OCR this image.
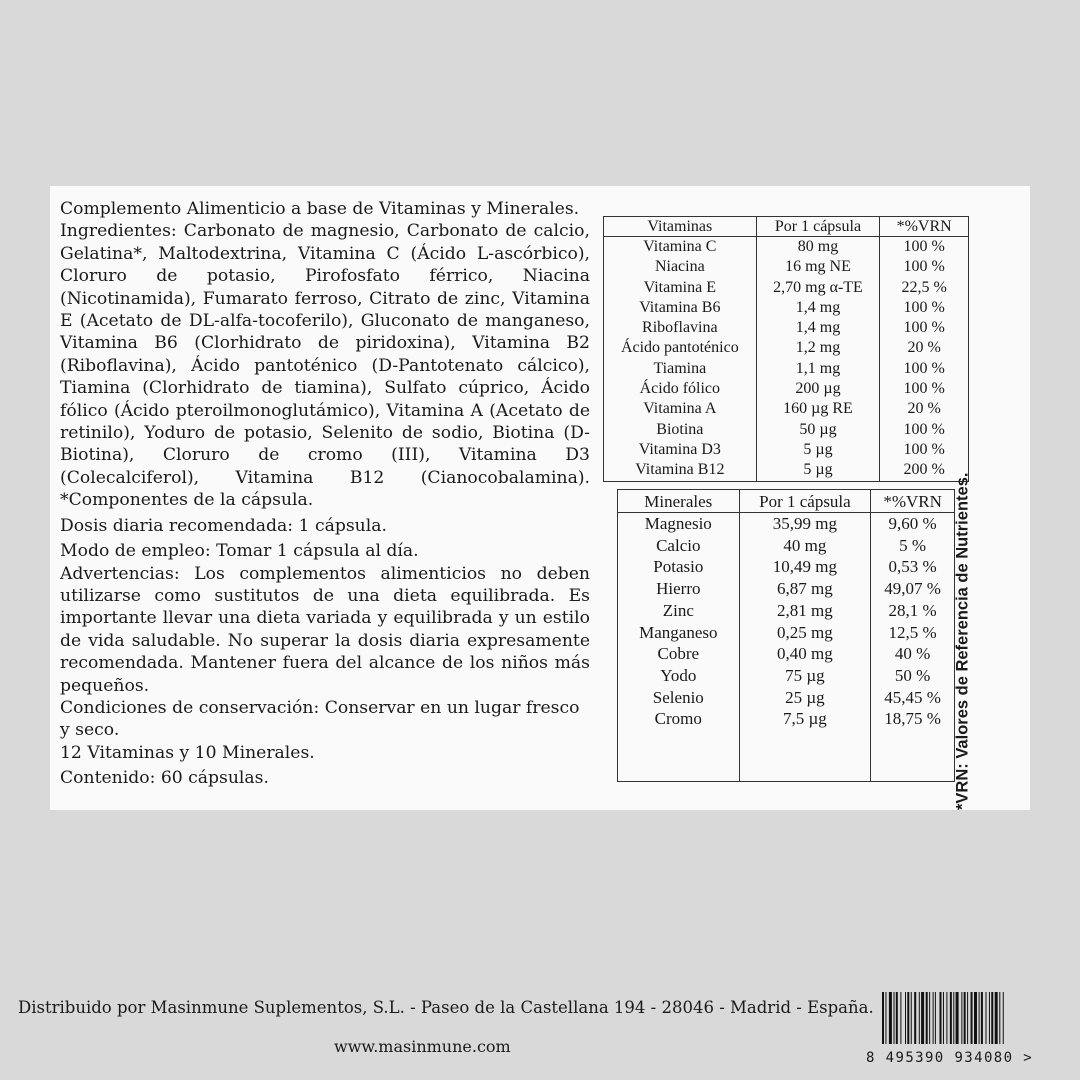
Complemento Alimenticio a base de Vitaminas y Minerales.

Ingredientes: Carbonato de magnesio, Carbonato de calcio, Gelatina*, Maltodextrina, Vitamina C (Ácido L-ascórbico), Cloruro de potasio, Pirofosfato férrico, Niacina (Nicotinamida), Fumarato ferroso, Citrato de zinc, Vitamina E (Acetato de DL-alfa-tocoferilo), Gluconato de manganeso, Vitamina B6 (Clorhidrato de piridoxina), Vitamina B2 (Riboflavina), Ácido pantoténico (D-Pantotenato cálcico), Tiamina (Clorhidrato de tiamina), Sulfato cúprico, Ácido fólico (Ácido pteroilmonoglutámico), Vitamina A (Acetato de retinilo), Yoduro de potasio, Selenito de sodio, Biotina (D-Biotina), Cloruro de cromo (III), Vitamina D3 (Colecalciferol), Vitamina B12 (Cianocobalamina). *Componentes de la cápsula.

Dosis diaria recomendada: 1 cápsula.

Modo de empleo: Tomar 1 cápsula al día.

Advertencias: Los complementos alimenticios no deben utilizarse como sustitutos de una dieta equilibrada. Es importante llevar una dieta variada y equilibrada y un estilo de vida saludable. No superar la dosis diaria expresamente recomendada. Mantener fuera del alcance de los niños más pequeños.

Condiciones de conservación: Conservar en un lugar fresco y seco.

12 Vitaminas y 10 Minerales.

Contenido: 60 cápsulas.

Vitaminas	Por 1 cápsula	*%VRN
Vitamina C	80 mg	100 %
Niacina	16 mg NE	100 %
Vitamina E	2,70 mg α-TE	22,5 %
Vitamina B6	1,4 mg	100 %
Riboflavina	1,4 mg	100 %
Ácido pantoténico	1,2 mg	20 %
Tiamina	1,1 mg	100 %
Ácido fólico	200 µg	100 %
Vitamina A	160 µg RE	20 %
Biotina	50 µg	100 %
Vitamina D3	5 µg	100 %
Vitamina B12	5 µg	200 %
Minerales	Por 1 cápsula	*%VRN
Magnesio	35,99 mg	9,60 %
Calcio	40 mg	5 %
Potasio	10,49 mg	0,53 %
Hierro	6,87 mg	49,07 %
Zinc	2,81 mg	28,1 %
Manganeso	0,25 mg	12,5 %
Cobre	0,40 mg	40 %
Yodo	75 µg	50 %
Selenio	25 µg	45,45 %
Cromo	7,5 µg	18,75 %
		*VRN: Valores de Referencia de Nutrientes.
Distribuido por Masinmune Suplementos, S.L. - Paseo de la Castellana 194 - 28046 - Madrid - España.
www.masinmune.com
8 495390 934080 >
